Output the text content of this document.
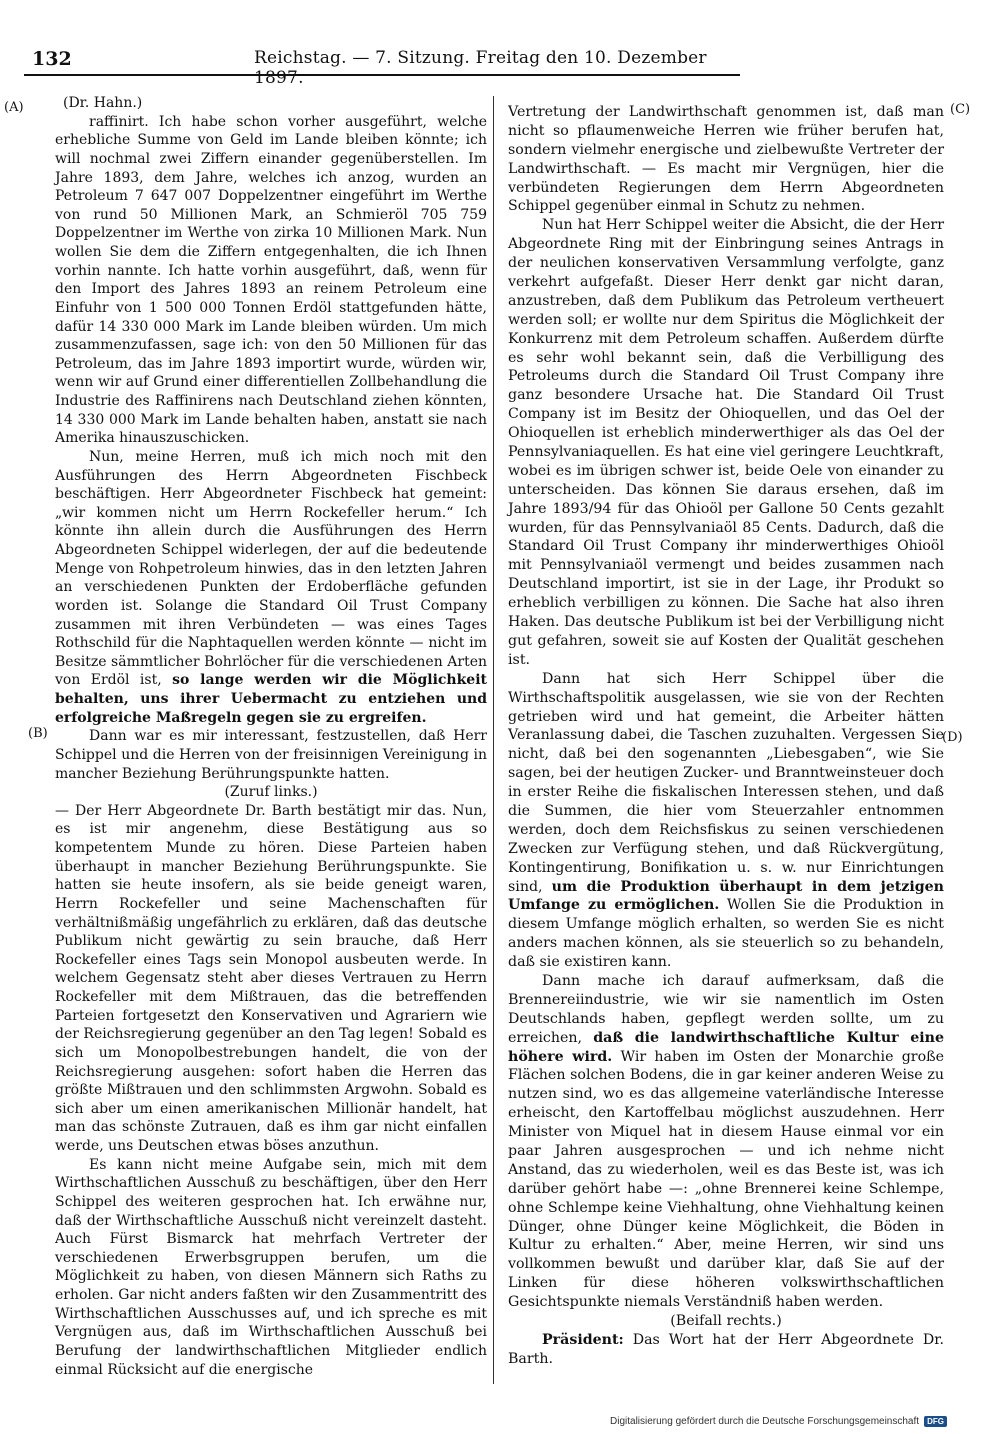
132	Reichstag. — 7. Sitzung. Freitag den 10. Dezember 1897.
(A)
(B)
(C)
(D)

(Dr. Hahn.)

raffinirt. Ich habe schon vorher ausgeführt, welche erhebliche Summe von Geld im Lande bleiben könnte; ich will nochmal zwei Ziffern einander gegenüberstellen. Im Jahre 1893, dem Jahre, welches ich anzog, wurden an Petroleum 7 647 007 Doppelzentner eingeführt im Werthe von rund 50 Millionen Mark, an Schmieröl 705 759 Doppelzentner im Werthe von zirka 10 Millionen Mark. Nun wollen Sie dem die Ziffern entgegenhalten, die ich Ihnen vorhin nannte. Ich hatte vorhin ausgeführt, daß, wenn für den Import des Jahres 1893 an reinem Petroleum eine Einfuhr von 1 500 000 Tonnen Erdöl stattgefunden hätte, dafür 14 330 000 Mark im Lande bleiben würden. Um mich zusammenzufassen, sage ich: von den 50 Millionen für das Petroleum, das im Jahre 1893 importirt wurde, würden wir, wenn wir auf Grund einer differentiellen Zollbehandlung die Industrie des Raffinirens nach Deutschland ziehen könnten, 14 330 000 Mark im Lande behalten haben, anstatt sie nach Amerika hinauszuschicken.

Nun, meine Herren, muß ich mich noch mit den Ausführungen des Herrn Abgeordneten Fischbeck beschäftigen. Herr Abgeordneter Fischbeck hat gemeint: „wir kommen nicht um Herrn Rockefeller herum.“ Ich könnte ihn allein durch die Ausführungen des Herrn Abgeordneten Schippel widerlegen, der auf die bedeutende Menge von Rohpetroleum hinwies, das in den letzten Jahren an verschiedenen Punkten der Erdoberfläche gefunden worden ist. Solange die Standard Oil Trust Company zusammen mit ihren Verbündeten — was eines Tages Rothschild für die Naphtaquellen werden könnte — nicht im Besitze sämmtlicher Bohrlöcher für die verschiedenen Arten von Erdöl ist, so lange werden wir die Möglichkeit behalten, uns ihrer Uebermacht zu entziehen und erfolgreiche Maßregeln gegen sie zu ergreifen.

Dann war es mir interessant, festzustellen, daß Herr Schippel und die Herren von der freisinnigen Vereinigung in mancher Beziehung Berührungspunkte hatten.

(Zuruf links.)

— Der Herr Abgeordnete Dr. Barth bestätigt mir das. Nun, es ist mir angenehm, diese Bestätigung aus so kompetentem Munde zu hören. Diese Parteien haben überhaupt in mancher Beziehung Berührungspunkte. Sie hatten sie heute insofern, als sie beide geneigt waren, Herrn Rockefeller und seine Machenschaften für verhältnißmäßig ungefährlich zu erklären, daß das deutsche Publikum nicht gewärtig zu sein brauche, daß Herr Rockefeller eines Tags sein Monopol ausbeuten werde. In welchem Gegensatz steht aber dieses Vertrauen zu Herrn Rockefeller mit dem Mißtrauen, das die betreffenden Parteien fortgesetzt den Konservativen und Agrariern wie der Reichsregierung gegenüber an den Tag legen! Sobald es sich um Monopolbestrebungen handelt, die von der Reichsregierung ausgehen: sofort haben die Herren das größte Mißtrauen und den schlimmsten Argwohn. Sobald es sich aber um einen amerikanischen Millionär handelt, hat man das schönste Zutrauen, daß es ihm gar nicht einfallen werde, uns Deutschen etwas böses anzuthun.

Es kann nicht meine Aufgabe sein, mich mit dem Wirthschaftlichen Ausschuß zu beschäftigen, über den Herr Schippel des weiteren gesprochen hat. Ich erwähne nur, daß der Wirthschaftliche Ausschuß nicht vereinzelt dasteht. Auch Fürst Bismarck hat mehrfach Vertreter der verschiedenen Erwerbsgruppen berufen, um die Möglichkeit zu haben, von diesen Männern sich Raths zu erholen. Gar nicht anders faßten wir den Zusammentritt des Wirthschaftlichen Ausschusses auf, und ich spreche es mit Vergnügen aus, daß im Wirthschaftlichen Ausschuß bei Berufung der landwirthschaftlichen Mitglieder endlich einmal Rücksicht auf die energische

Vertretung der Landwirthschaft genommen ist, daß man nicht so pflaumenweiche Herren wie früher berufen hat, sondern vielmehr energische und zielbewußte Vertreter der Landwirthschaft. — Es macht mir Vergnügen, hier die verbündeten Regierungen dem Herrn Abgeordneten Schippel gegenüber einmal in Schutz zu nehmen.

Nun hat Herr Schippel weiter die Absicht, die der Herr Abgeordnete Ring mit der Einbringung seines Antrags in der neulichen konservativen Versammlung verfolgte, ganz verkehrt aufgefaßt. Dieser Herr denkt gar nicht daran, anzustreben, daß dem Publikum das Petroleum vertheuert werden soll; er wollte nur dem Spiritus die Möglichkeit der Konkurrenz mit dem Petroleum schaffen. Außerdem dürfte es sehr wohl bekannt sein, daß die Verbilligung des Petroleums durch die Standard Oil Trust Company ihre ganz besondere Ursache hat. Die Standard Oil Trust Company ist im Besitz der Ohioquellen, und das Oel der Ohioquellen ist erheblich minderwerthiger als das Oel der Pennsylvaniaquellen. Es hat eine viel geringere Leuchtkraft, wobei es im übrigen schwer ist, beide Oele von einander zu unterscheiden. Das können Sie daraus ersehen, daß im Jahre 1893/94 für das Ohioöl per Gallone 50 Cents gezahlt wurden, für das Pennsylvaniaöl 85 Cents. Dadurch, daß die Standard Oil Trust Company ihr minderwerthiges Ohioöl mit Pennsylvaniaöl vermengt und beides zusammen nach Deutschland importirt, ist sie in der Lage, ihr Produkt so erheblich verbilligen zu können. Die Sache hat also ihren Haken. Das deutsche Publikum ist bei der Verbilligung nicht gut gefahren, soweit sie auf Kosten der Qualität geschehen ist.

Dann hat sich Herr Schippel über die Wirthschaftspolitik ausgelassen, wie sie von der Rechten getrieben wird und hat gemeint, die Arbeiter hätten Veranlassung dabei, die Taschen zuzuhalten. Vergessen Sie nicht, daß bei den sogenannten „Liebesgaben“, wie Sie sagen, bei der heutigen Zucker- und Branntweinsteuer doch in erster Reihe die fiskalischen Interessen stehen, und daß die Summen, die hier vom Steuerzahler entnommen werden, doch dem Reichsfiskus zu seinen verschiedenen Zwecken zur Verfügung stehen, und daß Rückvergütung, Kontingentirung, Bonifikation u. s. w. nur Einrichtungen sind, um die Produktion überhaupt in dem jetzigen Umfange zu ermöglichen. Wollen Sie die Produktion in diesem Umfange möglich erhalten, so werden Sie es nicht anders machen können, als sie steuerlich so zu behandeln, daß sie existiren kann.

Dann mache ich darauf aufmerksam, daß die Brennereiindustrie, wie wir sie namentlich im Osten Deutschlands haben, gepflegt werden sollte, um zu erreichen, daß die landwirthschaftliche Kultur eine höhere wird. Wir haben im Osten der Monarchie große Flächen solchen Bodens, die in gar keiner anderen Weise zu nutzen sind, wo es das allgemeine vaterländische Interesse erheischt, den Kartoffelbau möglichst auszudehnen. Herr Minister von Miquel hat in diesem Hause einmal vor ein paar Jahren ausgesprochen — und ich nehme nicht Anstand, das zu wiederholen, weil es das Beste ist, was ich darüber gehört habe —: „ohne Brennerei keine Schlempe, ohne Schlempe keine Viehhaltung, ohne Viehhaltung keinen Dünger, ohne Dünger keine Möglichkeit, die Böden in Kultur zu erhalten.“ Aber, meine Herren, wir sind uns vollkommen bewußt und darüber klar, daß Sie auf der Linken für diese höheren volkswirthschaftlichen Gesichtspunkte niemals Verständniß haben werden.

(Beifall rechts.)

Präsident: Das Wort hat der Herr Abgeordnete Dr. Barth.

Digitalisierung gefördert durch die Deutsche Forschungsgemeinschaft	DFG
